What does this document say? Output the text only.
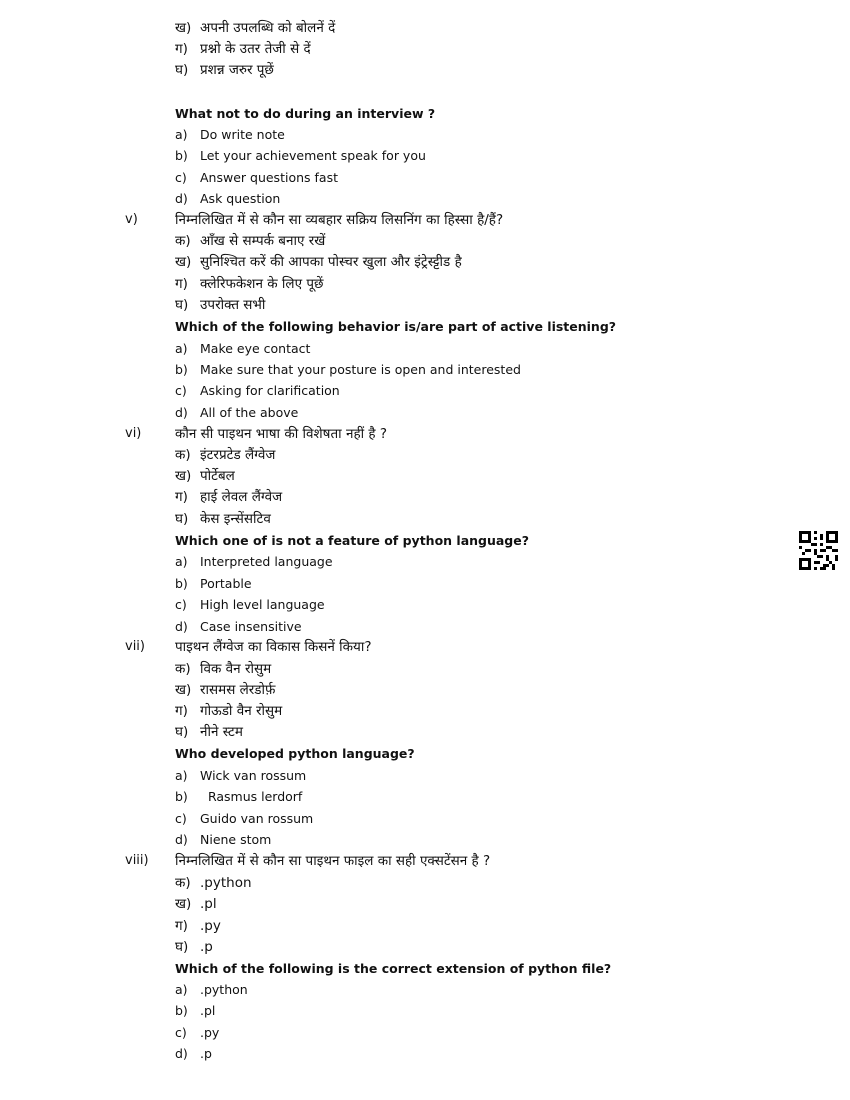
ख) अपनी उपलब्धि को बोलनें दें
ग) प्रश्नो के उतर तेजी से दें
घ) प्रशन्न जरुर पूछें
What not to do during an interview ?
a) Do write note
b) Let your achievement speak for you
c) Answer questions fast
d) Ask question
v)	निम्नलिखित में से कौन सा व्यबहार सक्रिय लिसनिंग का हिस्सा है/हैं?
क) आँख से सम्पर्क बनाए रखें
ख) सुनिश्चित करें की आपका पोस्चर खुला और इंट्रेस्ट्टीड है
ग) क्लेरिफकेशन के लिए पूछें
घ) उपरोक्त सभी
Which of the following behavior is/are part of active listening?
a) Make eye contact
b) Make sure that your posture is open and interested
c) Asking for clarification
d) All of the above
vi) कौन सी पाइथन भाषा की विशेषता नहीं है ?
क) इंटरप्रटेड लैंग्वेज
ख) पोर्टेबल
ग) हाई लेवल लैंग्वेज
घ) केस इन्सेंसटिव
Which one of is not a feature of python language?
a) Interpreted language
b) Portable
c) High level language
d) Case insensitive
vii) पाइथन लैंग्वेज का विकास किसनें किया?
क) विक वैन रोसुम
ख) रासमस लेरडोर्फ़
ग) गोऊडो वैन रोसुम
घ) नीने स्टम
Who developed python language?
a) Wick van rossum
b)  Rasmus lerdorf
c) Guido van rossum
d) Niene stom
viii) निम्नलिखित में से कौन सा पाइथन फाइल का सही एक्सटेंसन है ?
क) .python
ख) .pl
ग) .py
घ) .p
Which of the following is the correct extension of python file?
a) .python
b) .pl
c) .py
d) .p
